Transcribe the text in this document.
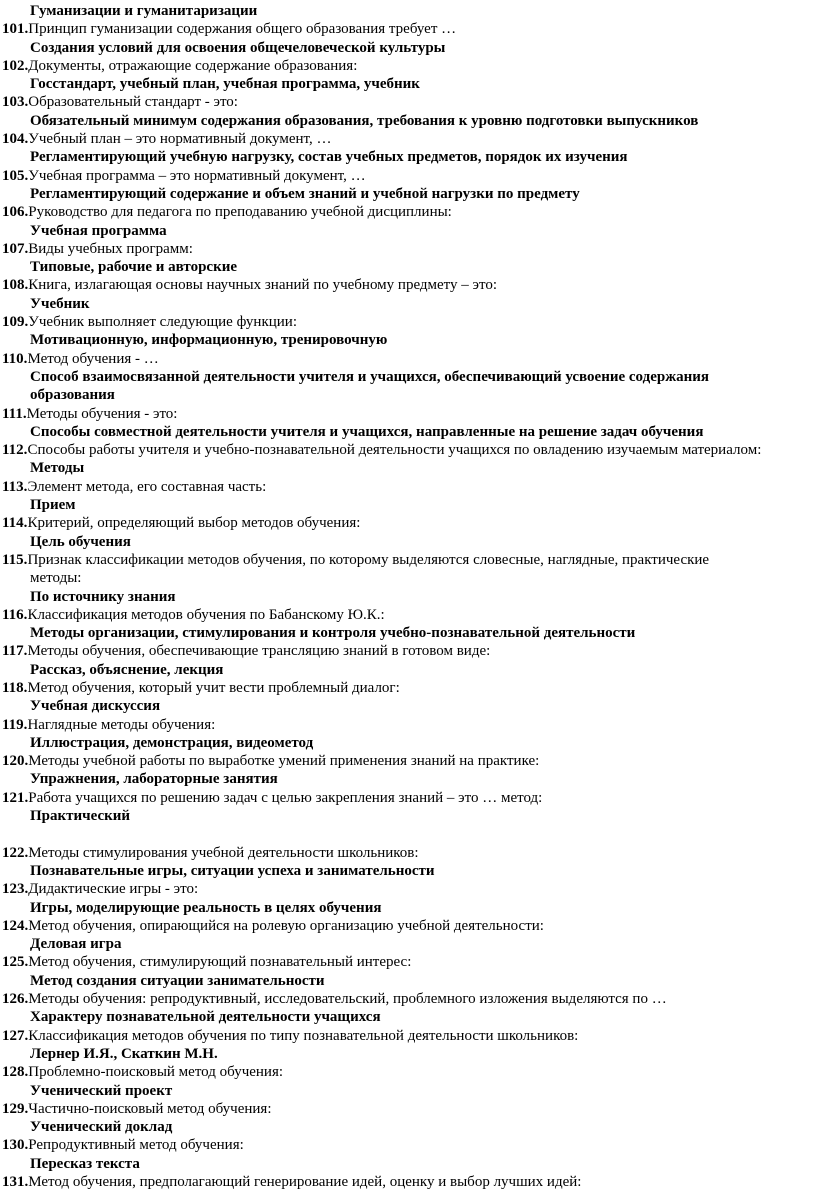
Гуманизации и гуманитаризации
101.Принцип гуманизации содержания общего образования требует …
Создания условий для освоения общечеловеческой культуры
102.Документы, отражающие содержание образования:
Госстандарт, учебный план, учебная программа, учебник
103.Образовательный стандарт - это:
Обязательный минимум содержания образования, требования к уровню подготовки выпускников
104.Учебный план – это нормативный документ, …
Регламентирующий учебную нагрузку, состав учебных предметов, порядок их изучения
105.Учебная программа – это нормативный документ, …
Регламентирующий содержание и объем знаний и учебной нагрузки по предмету
106.Руководство для педагога по преподаванию учебной дисциплины:
Учебная программа
107.Виды учебных программ:
Типовые, рабочие и авторские
108.Книга, излагающая основы научных знаний по учебному предмету – это:
Учебник
109.Учебник выполняет следующие функции:
Мотивационную, информационную, тренировочную
110.Метод обучения - …
Способ взаимосвязанной деятельности учителя и учащихся, обеспечивающий усвоение содержания
образования
111.Методы обучения - это:
Способы совместной деятельности учителя и учащихся, направленные на решение задач обучения
112.Способы работы учителя и учебно-познавательной деятельности учащихся по овладению изучаемым материалом:
Методы
113.Элемент метода, его составная часть:
Прием
114.Критерий, определяющий выбор методов обучения:
Цель обучения
115.Признак классификации методов обучения, по которому выделяются словесные, наглядные, практические
методы:
По источнику знания
116.Классификация методов обучения по Бабанскому Ю.К.:
Методы организации, стимулирования и контроля учебно-познавательной деятельности
117.Методы обучения, обеспечивающие трансляцию знаний в готовом виде:
Рассказ, объяснение, лекция
118.Метод обучения, который учит вести проблемный диалог:
Учебная дискуссия
119.Наглядные методы обучения:
Иллюстрация, демонстрация, видеометод
120.Методы учебной работы по выработке умений применения знаний на практике:
Упражнения, лабораторные занятия
121.Работа учащихся по решению задач с целью закрепления знаний – это … метод:
Практический
122.Методы стимулирования учебной деятельности школьников:
Познавательные игры, ситуации успеха и занимательности
123.Дидактические игры - это:
Игры, моделирующие реальность в целях обучения
124.Метод обучения, опирающийся на ролевую организацию учебной деятельности:
Деловая игра
125.Метод обучения, стимулирующий познавательный интерес:
Метод создания ситуации занимательности
126.Методы обучения: репродуктивный, исследовательский, проблемного изложения выделяются по …
Характеру познавательной деятельности учащихся
127.Классификация методов обучения по типу познавательной деятельности школьников:
Лернер И.Я., Скаткин М.Н.
128.Проблемно-поисковый метод обучения:
Ученический проект
129.Частично-поисковый метод обучения:
Ученический доклад
130.Репродуктивный метод обучения:
Пересказ текста
131.Метод обучения, предполагающий генерирование идей, оценку и выбор лучших идей:
